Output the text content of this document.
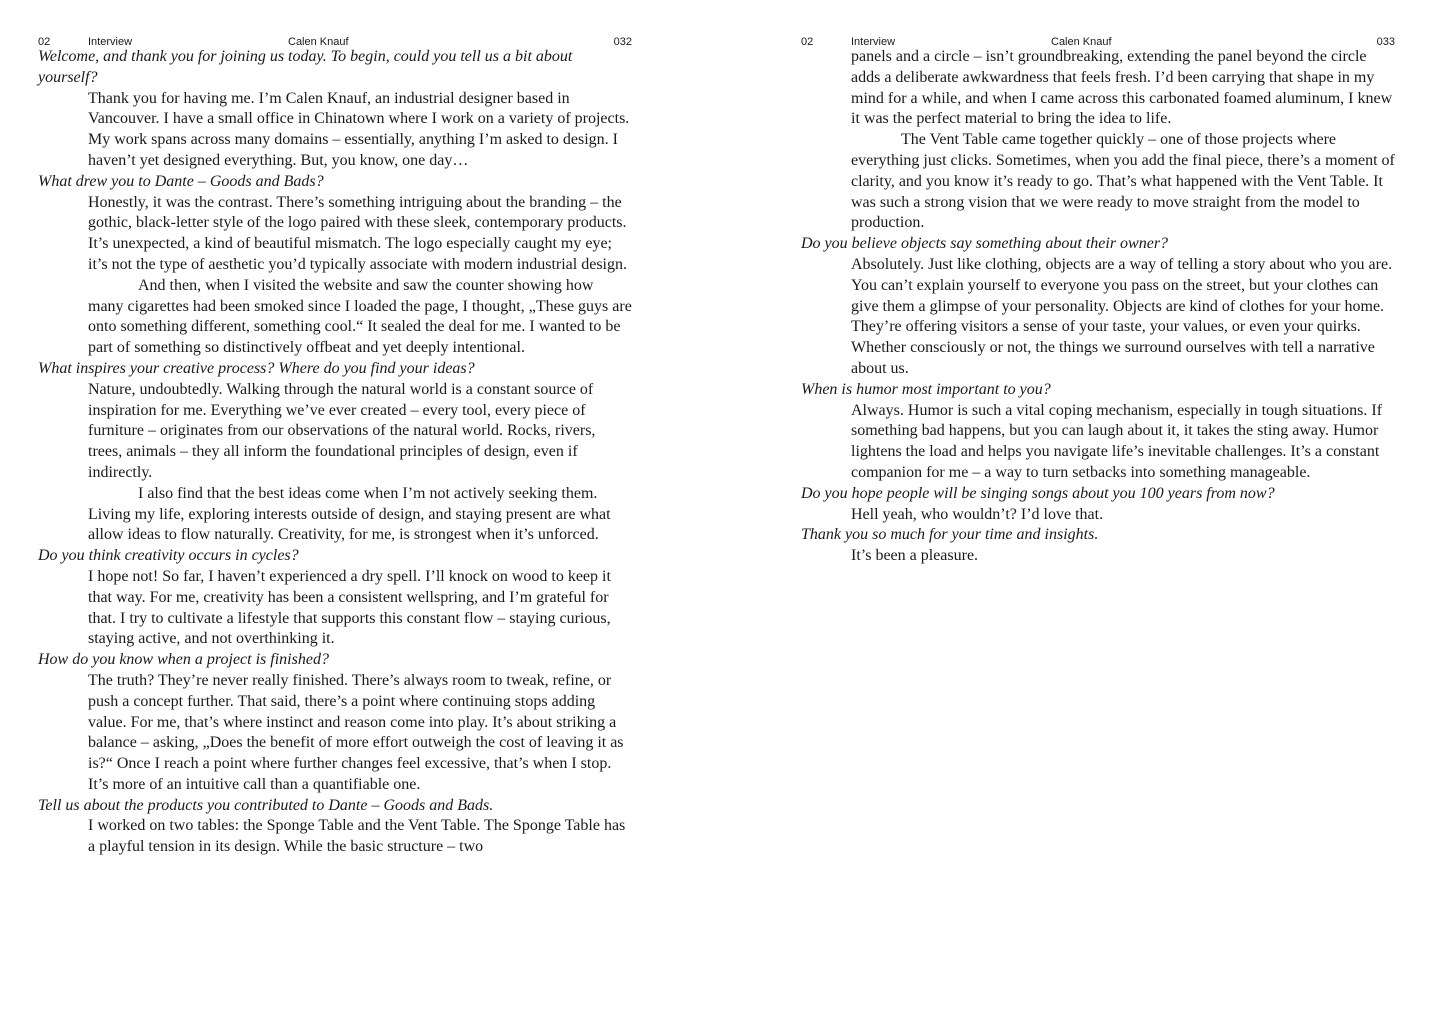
02	Interview	Calen Knauf	032

Welcome, and thank you for joining us today. To begin, could you tell us a bit about yourself?

Thank you for having me. I’m Calen Knauf, an industrial designer based in Vancouver. I have a small office in Chinatown where I work on a variety of projects. My work spans across many domains – essentially, anything I’m asked to design. I haven’t yet designed everything. But, you know, one day…

What drew you to Dante – Goods and Bads?

Honestly, it was the contrast. There’s something intriguing about the branding – the gothic, black-letter style of the logo paired with these sleek, contemporary products. It’s unexpected, a kind of beautiful mismatch. The logo especially caught my eye; it’s not the type of aesthetic you’d typically associate with modern industrial design.

And then, when I visited the website and saw the counter showing how many cigarettes had been smoked since I loaded the page, I thought, „These guys are onto something different, something cool.“ It sealed the deal for me. I wanted to be part of something so distinctively offbeat and yet deeply intentional.

What inspires your creative process? Where do you find your ideas?

Nature, undoubtedly. Walking through the natural world is a constant source of inspiration for me. Everything we’ve ever created – every tool, every piece of furniture – originates from our observations of the natural world. Rocks, rivers, trees, animals – they all inform the foundational principles of design, even if indirectly.

I also find that the best ideas come when I’m not actively seeking them. Living my life, exploring interests outside of design, and staying present are what allow ideas to flow naturally. Creativity, for me, is strongest when it’s unforced.

Do you think creativity occurs in cycles?

I hope not! So far, I haven’t experienced a dry spell. I’ll knock on wood to keep it that way. For me, creativity has been a consistent wellspring, and I’m grateful for that. I try to cultivate a lifestyle that supports this constant flow – staying curious, staying active, and not overthinking it.

How do you know when a project is finished?

The truth? They’re never really finished. There’s always room to tweak, refine, or push a concept further. That said, there’s a point where continuing stops adding value. For me, that’s where instinct and reason come into play. It’s about striking a balance – asking, „Does the benefit of more effort outweigh the cost of leaving it as is?“ Once I reach a point where further changes feel excessive, that’s when I stop. It’s more of an intuitive call than a quantifiable one.

Tell us about the products you contributed to Dante – Goods and Bads.

I worked on two tables: the Sponge Table and the Vent Table. The Sponge Table has a playful tension in its design. While the basic structure – two

02	Interview	Calen Knauf	033

panels and a circle – isn’t groundbreaking, extending the panel beyond the circle adds a deliberate awkwardness that feels fresh. I’d been carrying that shape in my mind for a while, and when I came across this carbonated foamed aluminum, I knew it was the perfect material to bring the idea to life.

The Vent Table came together quickly – one of those projects where everything just clicks. Sometimes, when you add the final piece, there’s a moment of clarity, and you know it’s ready to go. That’s what happened with the Vent Table. It was such a strong vision that we were ready to move straight from the model to production.

Do you believe objects say something about their owner?

Absolutely. Just like clothing, objects are a way of telling a story about who you are. You can’t explain yourself to everyone you pass on the street, but your clothes can give them a glimpse of your personality. Objects are kind of clothes for your home. They’re offering visitors a sense of your taste, your values, or even your quirks. Whether consciously or not, the things we surround ourselves with tell a narrative about us.

When is humor most important to you?

Always. Humor is such a vital coping mechanism, especially in tough situations. If something bad happens, but you can laugh about it, it takes the sting away. Humor lightens the load and helps you navigate life’s inevitable challenges. It’s a constant companion for me – a way to turn setbacks into something manageable.

Do you hope people will be singing songs about you 100 years from now?

Hell yeah, who wouldn’t? I’d love that.

Thank you so much for your time and insights.

It’s been a pleasure.
